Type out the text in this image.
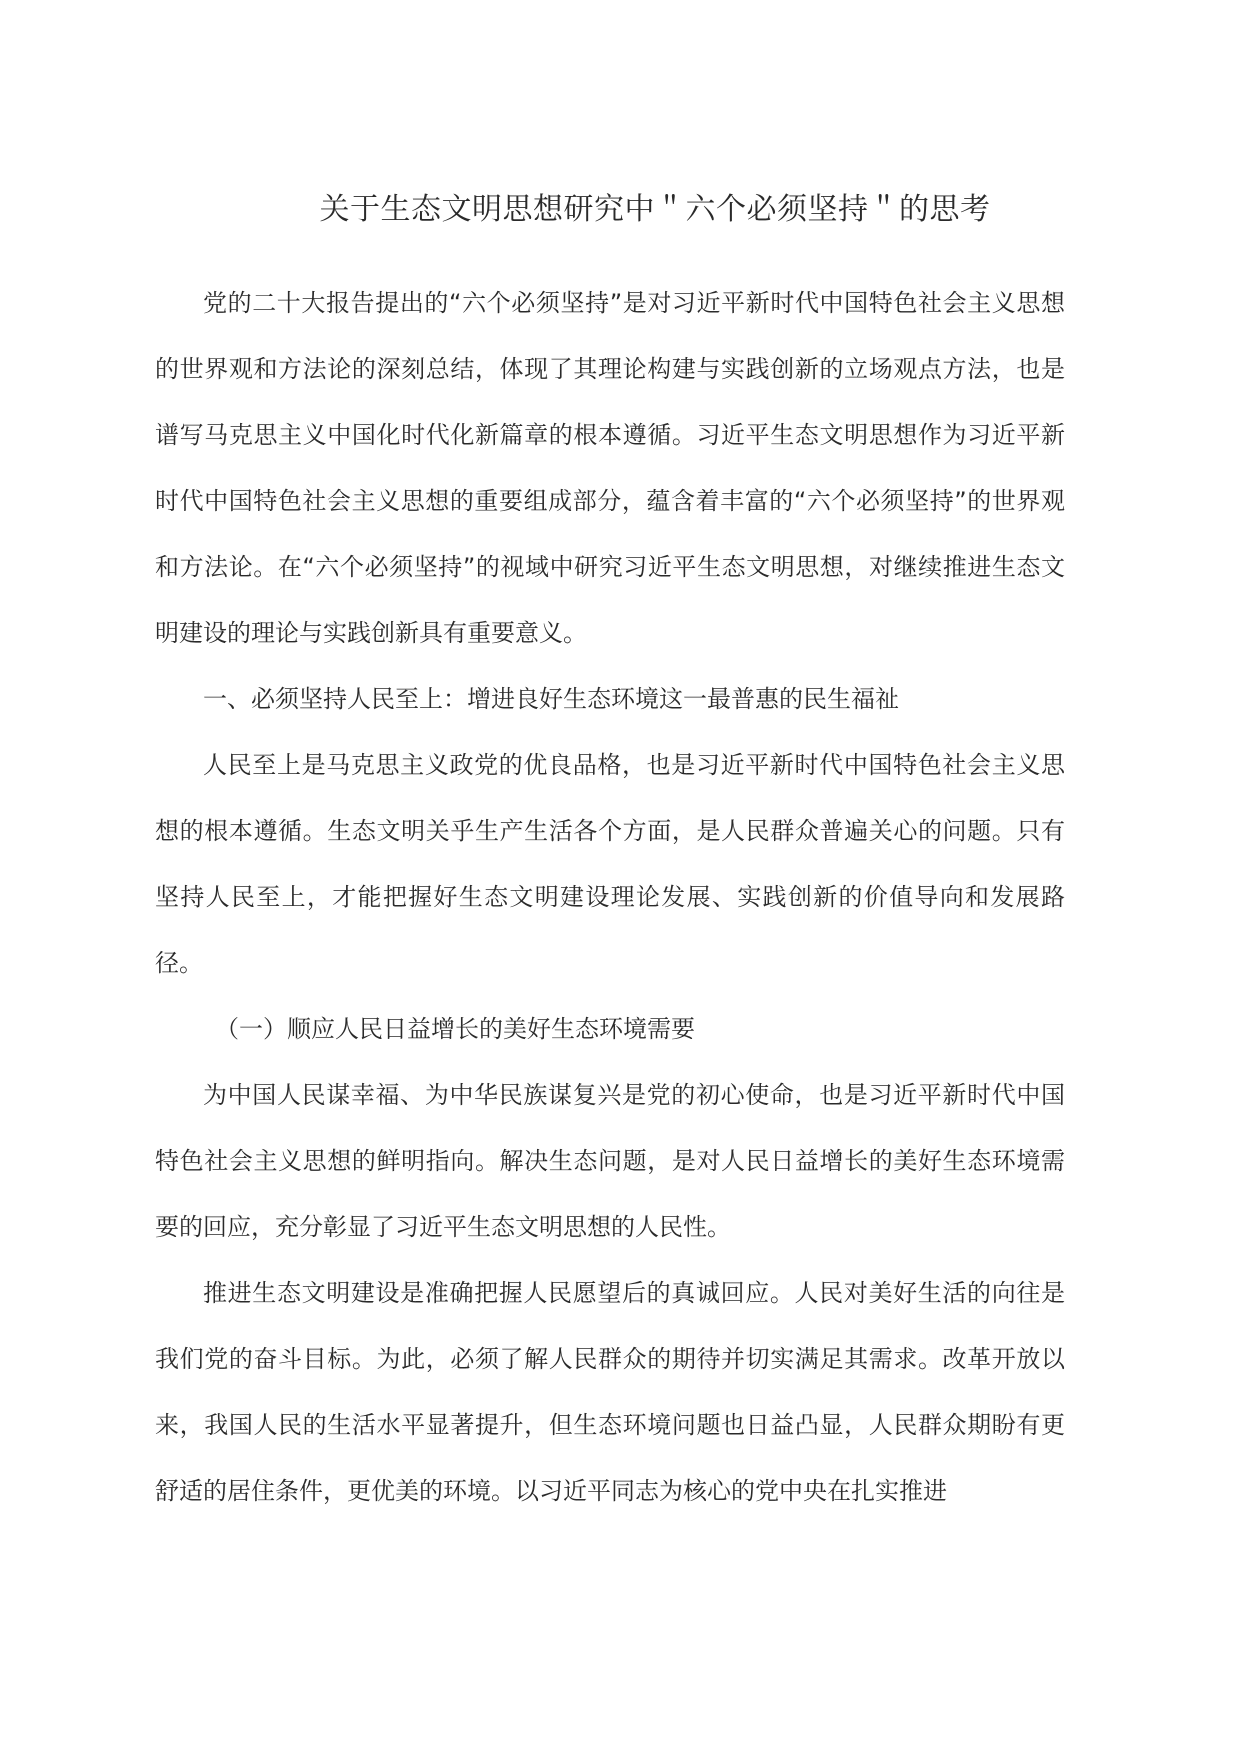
关于生态文明思想研究中＂六个必须坚持＂的思考

党的二十大报告提出的“六个必须坚持”是对习近平新时代中国特色社会主义思想的世界观和方法论的深刻总结，体现了其理论构建与实践创新的立场观点方法，也是谱写马克思主义中国化时代化新篇章的根本遵循。习近平生态文明思想作为习近平新时代中国特色社会主义思想的重要组成部分，蕴含着丰富的“六个必须坚持”的世界观和方法论。在“六个必须坚持”的视域中研究习近平生态文明思想，对继续推进生态文明建设的理论与实践创新具有重要意义。

一、必须坚持人民至上：增进良好生态环境这一最普惠的民生福祉

人民至上是马克思主义政党的优良品格，也是习近平新时代中国特色社会主义思想的根本遵循。生态文明关乎生产生活各个方面，是人民群众普遍关心的问题。只有坚持人民至上，才能把握好生态文明建设理论发展、实践创新的价值导向和发展路径。

（一）顺应人民日益增长的美好生态环境需要

为中国人民谋幸福、为中华民族谋复兴是党的初心使命，也是习近平新时代中国特色社会主义思想的鲜明指向。解决生态问题，是对人民日益增长的美好生态环境需要的回应，充分彰显了习近平生态文明思想的人民性。

推进生态文明建设是准确把握人民愿望后的真诚回应。人民对美好生活的向往是我们党的奋斗目标。为此，必须了解人民群众的期待并切实满足其需求。改革开放以来，我国人民的生活水平显著提升，但生态环境问题也日益凸显，人民群众期盼有更舒适的居住条件，更优美的环境。以习近平同志为核心的党中央在扎实推进
